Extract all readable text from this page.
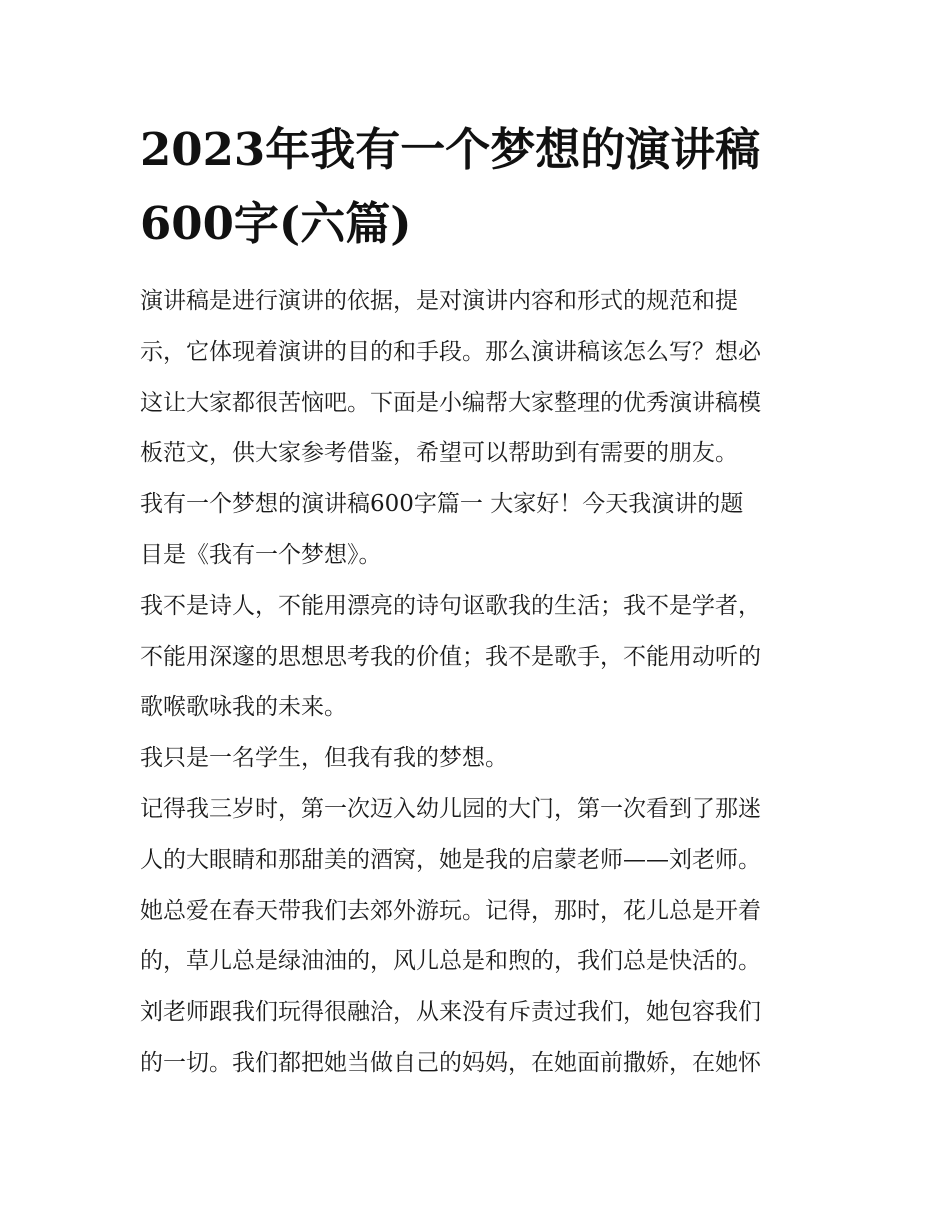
2023年我有一个梦想的演讲稿
600字(六篇)

演讲稿是进行演讲的依据，是对演讲内容和形式的规范和提

示，它体现着演讲的目的和手段。那么演讲稿该怎么写？想必

这让大家都很苦恼吧。下面是小编帮大家整理的优秀演讲稿模

板范文，供大家参考借鉴，希望可以帮助到有需要的朋友。

我有一个梦想的演讲稿600字篇一 大家好！今天我演讲的题

目是《我有一个梦想》。

我不是诗人，不能用漂亮的诗句讴歌我的生活；我不是学者，

不能用深邃的思想思考我的价值；我不是歌手，不能用动听的

歌喉歌咏我的未来。

我只是一名学生，但我有我的梦想。

记得我三岁时，第一次迈入幼儿园的大门，第一次看到了那迷

人的大眼睛和那甜美的酒窝，她是我的启蒙老师——刘老师。

她总爱在春天带我们去郊外游玩。记得，那时，花儿总是开着

的，草儿总是绿油油的，风儿总是和煦的，我们总是快活的。

刘老师跟我们玩得很融洽，从来没有斥责过我们，她包容我们

的一切。我们都把她当做自己的妈妈，在她面前撒娇，在她怀
